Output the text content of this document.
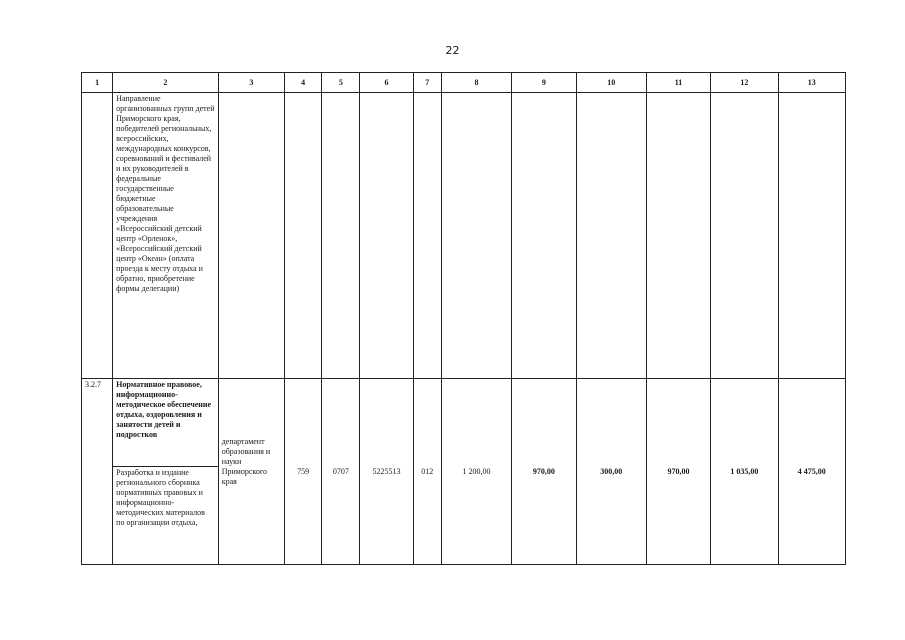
22
1	2	3	4	5	6	7	8	9	10	11	12	13
	Направление организованных групп детей Приморского края, победителей региональных, всероссийских, международных конкурсов, соревнований и фестивалей и их руководителей в федеральные государственные бюджетные образовательные учреждения «Всероссийский детский центр «Орленок», «Всероссийский детский центр «Океан» (оплата проезда к месту отдыха и обратно, приобретение формы делегации)											
3.2.7	Нормативное правовое, информационно-методическое обеспечение отдыха, оздоровления и занятости детей и подростков	департамент образования и науки Приморского края	759	0707	5225513	012	1 200,00	970,00	300,00	970,00	1 035,00	4 475,00
	Разработка и издание регионального сборника нормативных правовых и информационно-методических материалов по организации отдыха,											
